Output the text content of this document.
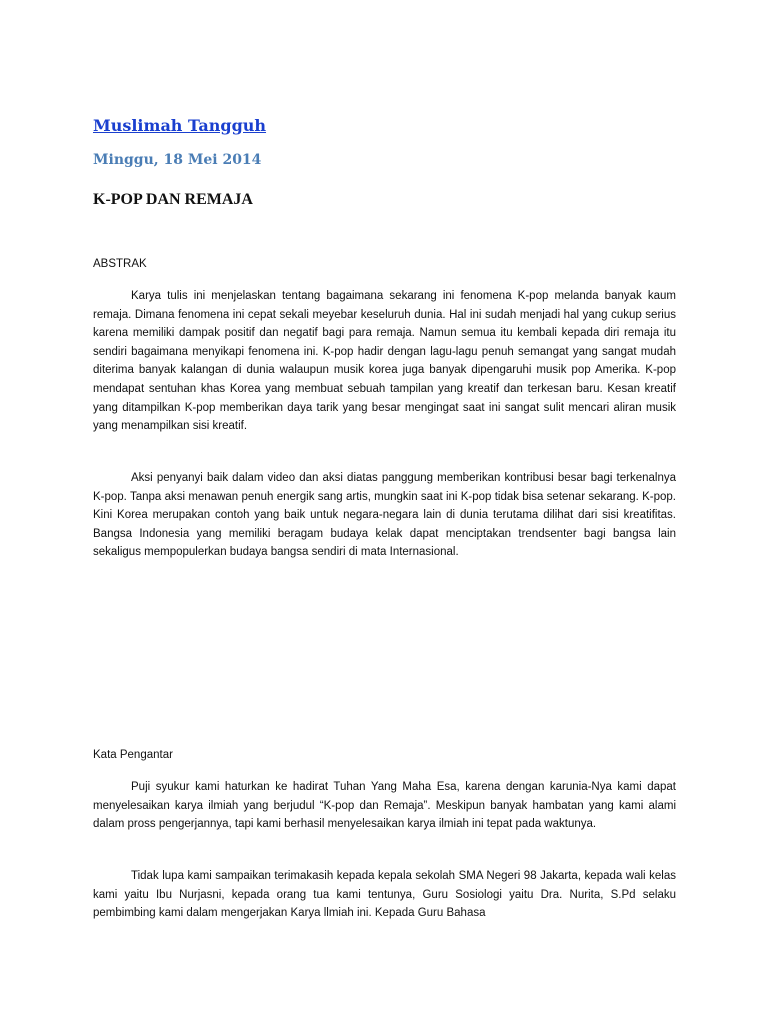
Muslimah Tangguh
Minggu, 18 Mei 2014
K-POP DAN REMAJA
ABSTRAK

Karya tulis ini menjelaskan tentang bagaimana sekarang ini fenomena K-pop melanda banyak kaum remaja. Dimana fenomena ini cepat sekali meyebar keseluruh dunia. Hal ini sudah menjadi hal yang cukup serius karena memiliki dampak positif dan negatif bagi para remaja. Namun semua itu kembali kepada diri remaja itu sendiri bagaimana menyikapi fenomena ini. K-pop hadir dengan lagu-lagu penuh semangat yang sangat mudah diterima banyak kalangan di dunia walaupun musik korea juga banyak dipengaruhi musik pop Amerika. K-pop mendapat sentuhan khas Korea yang membuat sebuah tampilan yang kreatif dan terkesan baru. Kesan kreatif yang ditampilkan K-pop memberikan daya tarik yang besar mengingat saat ini sangat sulit mencari aliran musik yang menampilkan sisi kreatif.

Aksi penyanyi baik dalam video dan aksi diatas panggung memberikan kontribusi besar bagi terkenalnya K-pop. Tanpa aksi menawan penuh energik sang artis, mungkin saat ini K-pop tidak bisa setenar sekarang. K-pop. Kini Korea merupakan contoh yang baik untuk negara-negara lain di dunia terutama dilihat dari sisi kreatifitas. Bangsa Indonesia yang memiliki beragam budaya kelak dapat menciptakan trendsenter bagi bangsa lain sekaligus mempopulerkan budaya bangsa sendiri di mata Internasional.

Kata Pengantar

Puji syukur kami haturkan ke hadirat Tuhan Yang Maha Esa, karena dengan karunia-Nya kami dapat menyelesaikan karya ilmiah yang berjudul “K-pop dan Remaja”. Meskipun banyak hambatan yang kami alami dalam pross pengerjannya, tapi kami berhasil menyelesaikan karya ilmiah ini tepat pada waktunya.

Tidak lupa kami sampaikan terimakasih kepada kepala sekolah SMA Negeri 98 Jakarta, kepada wali kelas kami yaitu Ibu Nurjasni, kepada orang tua kami tentunya, Guru Sosiologi yaitu Dra. Nurita, S.Pd selaku pembimbing kami dalam mengerjakan Karya llmiah ini. Kepada Guru Bahasa
